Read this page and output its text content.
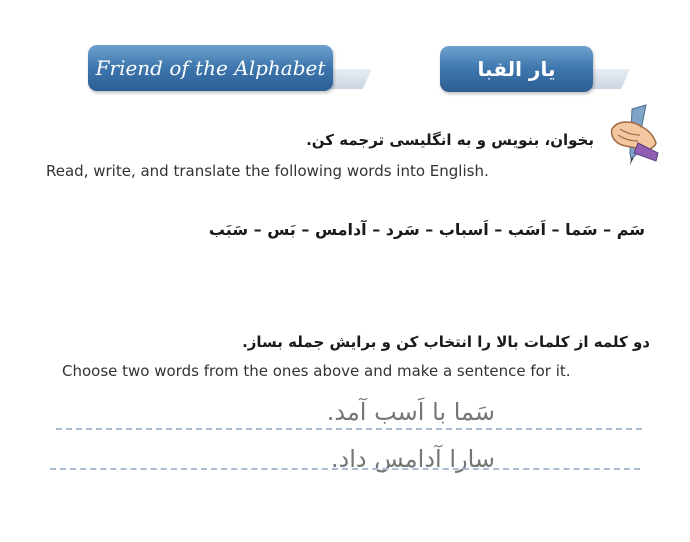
Friend of the Alphabet	یار الفبا
بخوان، بنویس و به انگلیسی ترجمه کن.
Read, write, and translate the following words into English.
سَم – سَما – اَسَب – اَسباب – سَرد – آدامس – بَس – سَبَب
دو کلمه از کلمات بالا را انتخاب کن و برایش جمله بساز.
Choose two words from the ones above and make a sentence for it.
سَما با اَسب آمد.
سارا آدامس داد.
